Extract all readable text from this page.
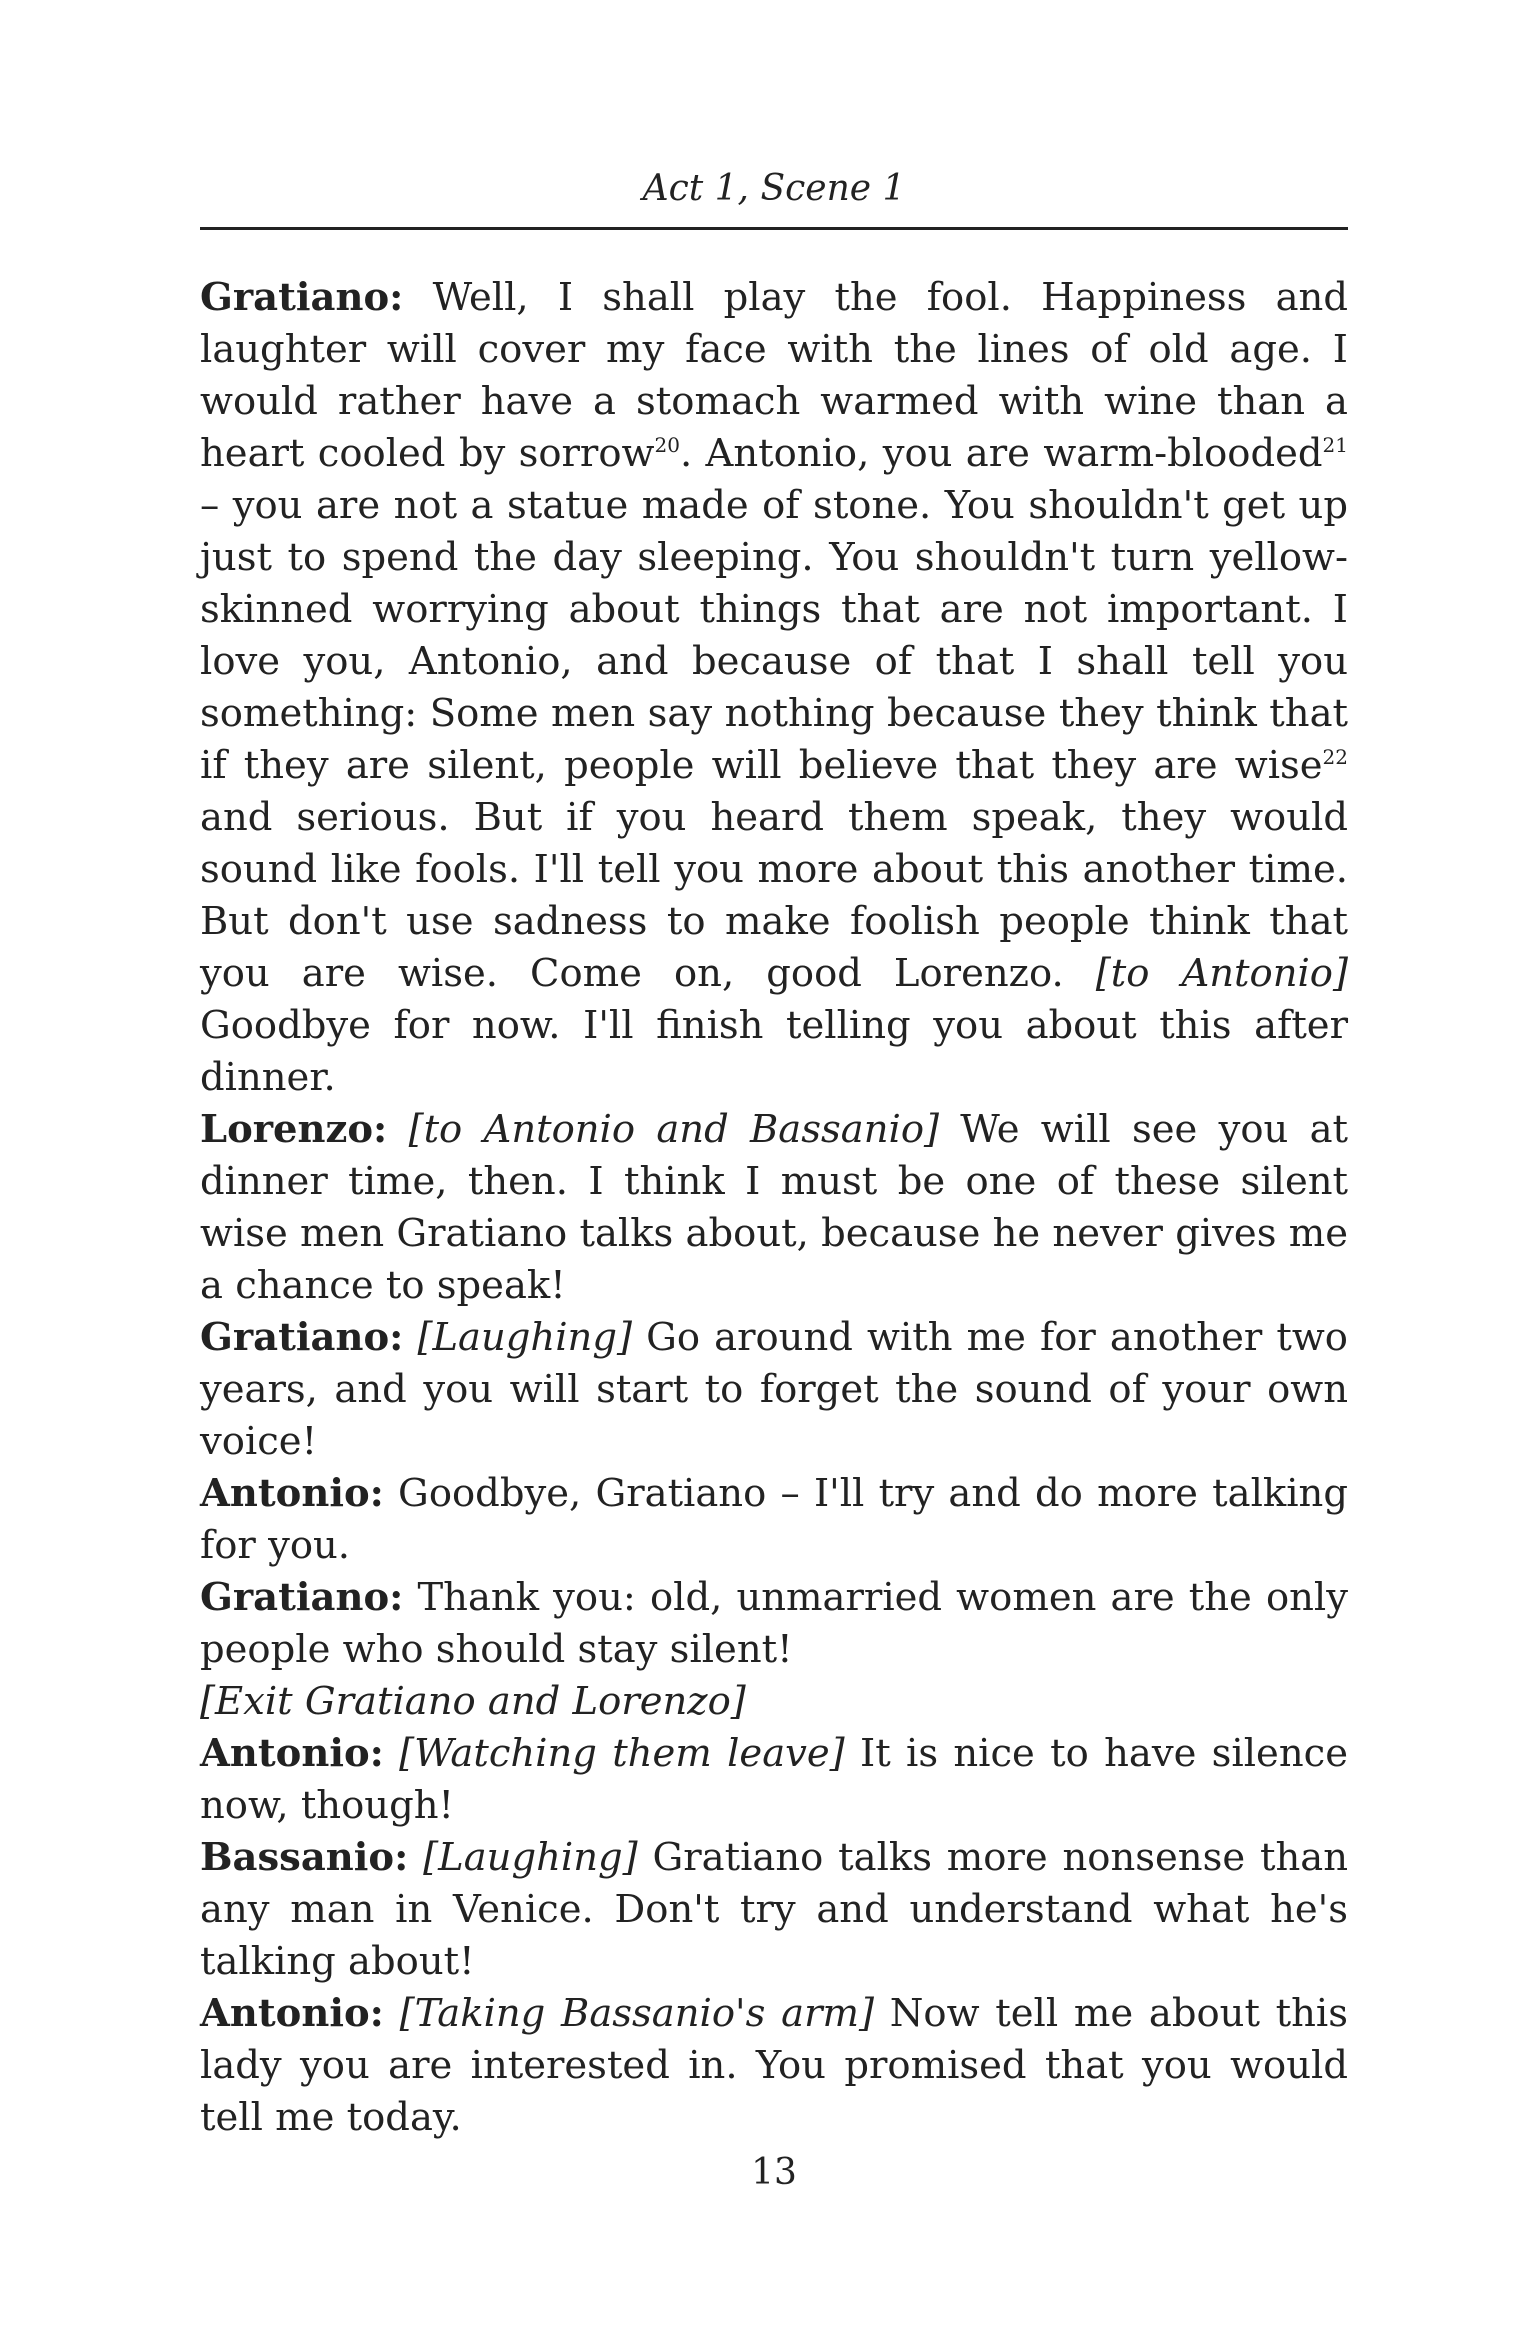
Act 1, Scene 1

Gratiano: Well, I shall play the fool. Happiness and laughter will cover my face with the lines of old age. I would rather have a stomach warmed with wine than a heart cooled by sorrow$^{20}$. Antonio, you are warm-blooded$^{21}$ – you are not a statue made of stone. You shouldn't get up just to spend the day sleeping. You shouldn't turn yellow-skinned worrying about things that are not important. I love you, Antonio, and because of that I shall tell you something: Some men say nothing because they think that if they are silent, people will believe that they are wise$^{22}$ and serious. But if you heard them speak, they would sound like fools. I'll tell you more about this another time. But don't use sadness to make foolish people think that you are wise. Come on, good Lorenzo. [to Antonio] Goodbye for now. I'll finish telling you about this after dinner.

Lorenzo: [to Antonio and Bassanio] We will see you at dinner time, then. I think I must be one of these silent wise men Gratiano talks about, because he never gives me a chance to speak!

Gratiano: [Laughing] Go around with me for another two years, and you will start to forget the sound of your own voice!

Antonio: Goodbye, Gratiano – I'll try and do more talking for you.

Gratiano: Thank you: old, unmarried women are the only people who should stay silent!

[Exit Gratiano and Lorenzo]

Antonio: [Watching them leave] It is nice to have silence now, though!

Bassanio: [Laughing] Gratiano talks more nonsense than any man in Venice. Don't try and understand what he's talking about!

Antonio: [Taking Bassanio's arm] Now tell me about this lady you are interested in. You promised that you would tell me today.

13
